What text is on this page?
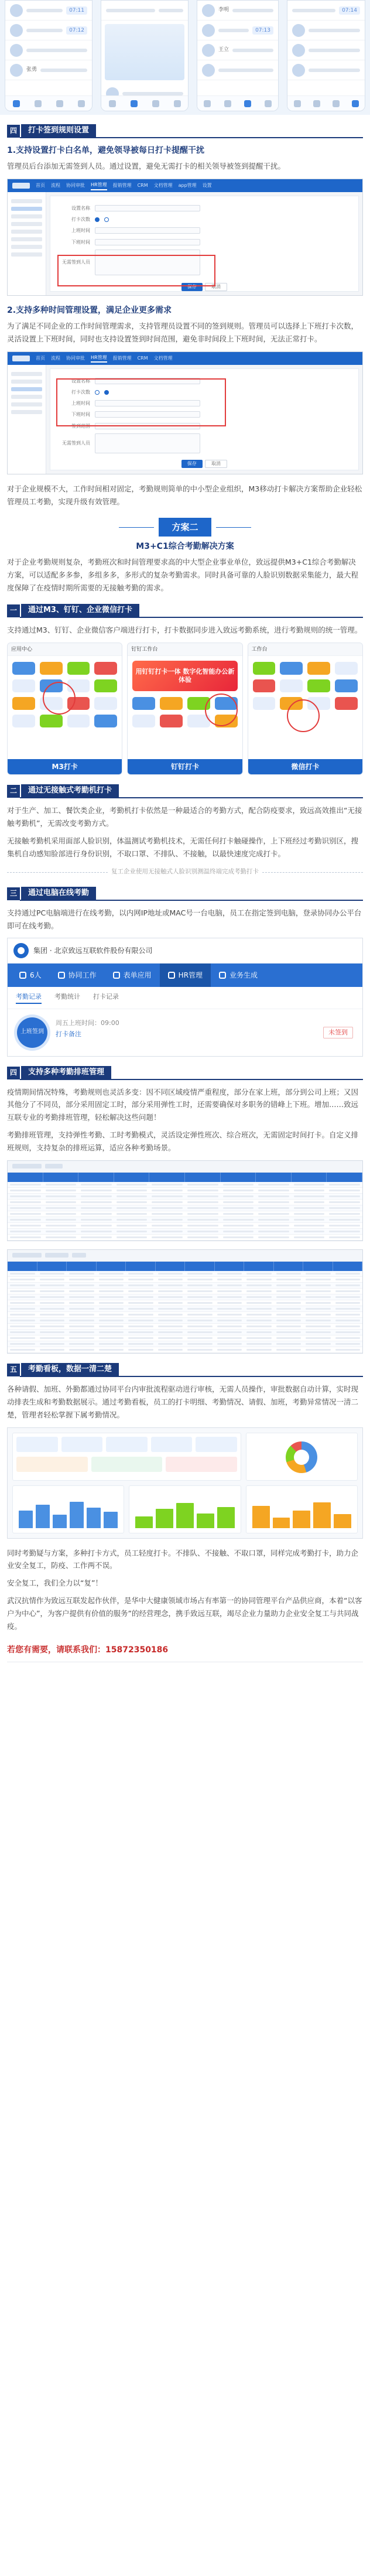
07:11
07:12
张勇
李明
07:13
王立
07:14
四	打卡签到规则设置
1.支持设置打卡白名单，避免领导被每日打卡提醒干扰

管理员后台添加无需签到人员。通过设置，避免无需打卡的相关领导被签到提醒干扰。

首页 流程 协同审批 HR管理 报销管理 CRM 文档管理 app管理 设置
设置名称
打卡次数
上班时间
下班时间
无需签到人员
保存	取消
2.支持多种时间管理设置，满足企业更多需求

为了满足不同企业的工作时间管理需求，支持管理员设置不同的签到规则。管理员可以选择上下班打卡次数，灵活设置上下班时间，同时也支持设置签到时间范围，避免非时间段上下班时间，无法正常打卡。

首页 流程 协同审批 HR管理 报销管理 CRM 文档管理
设置名称
打卡次数
上班时间
下班时间
签到范围
无需签到人员
保存	取消

对于企业规模不大，工作时间相对固定，考勤规则简单的中小型企业组织，M3移动打卡解决方案帮助企业轻松管理员工考勤，实现升级有效管理。

方案二
M3+C1综合考勤解决方案

对于企业考勤规则复杂，考勤班次和时间管理要求高的中大型企业事业单位，致远提供M3+C1综合考勤解决方案，可以适配多多参，多组多多，多形式的复杂考勤需求。同时具备可靠的人脸识别数据采集能力，最大程度保障了在疫情时期所需要的无接触考勤的需求。

一	通过M3、钉钉、企业微信打卡

支持通过M3、钉钉、企业微信客户端进行打卡，打卡数据同步进入致远考勤系统，进行考勤规则的统一管理。

应用中心
M3打卡
钉钉工作台
用钉钉打卡一体 数字化智能办公新体验
钉钉打卡
工作台
微信打卡
二	通过无接触式考勤机打卡

对于生产、加工、餐饮类企业，考勤机打卡依然是一种最适合的考勤方式，配合防疫要求，致远高效推出“无接触考勤机”，无需改变考勤方式。

无接触考勤机采用面部人脸识别，体温测试考勤机技术，无需任何打卡触碰操作，上下班经过考勤识别区，搜集机自动感知脸部进行身份识别，不取口罩、不排队、不接触，以最快速度完成打卡。

复工企业使用无接触式人脸识别测温终端完成考勤打卡
三	通过电脑在线考勤

支持通过PC电脑端进行在线考勤，以内网IP地址或MAC号一台电脑，员工在指定签到电脑，登录协同办公平台即可在线考勤。

集团 · 北京致远互联软件股份有限公司
6人	协同工作	表单应用	HR管理	业务生成
考勤记录 考勤统计 打卡记录
上班签到
周五上班时间：09:00
打卡备注	未签到
四	支持多种考勤排班管理

疫情期间情况特殊，考勤规则也灵活多变：因不同区域疫情严重程度，部分在家上班，部分到公司上班；又因其他分了不同员，部分采用固定工时，部分采用弹性工时，还需要确保对多职务的错峰上下班。增加……致远互联专业的考勤排班管理，轻松解决这些问题！

考勤排班管理，支持弹性考勤、工时考勤模式，灵活设定弹性班次、综合班次，无需固定时间打卡。自定义排班规则，支持复杂的排班运算，适应各种考勤场景。

五	考勤看板，数据一清二楚

各种请假、加班、外勤都通过协同平台内审批流程驱动进行审核，无需人员操作，审批数据自动计算，实时现动排表生成和考勤数据展示。通过考勤看板，员工的打卡明细、考勤情况、请假、加班，考勤异常情况一清二楚，管理者轻松掌握下属考勤情况。

同时考勤疑与方案，多种打卡方式，员工轻度打卡。不排队、不接触、不取口罩，同样完成考勤打卡，助力企业安全复工，防疫、工作两不误。

安全复工，我们全力以“复”！

武汉抗情作为致远互联发起作伙伴，是华中大健康领域市场占有率第一的协同管理平台产品供应商，本着“以客户为中心”，为客户提供有价值的服务”的经营理念，携手致远互联，竭尽企业力量助力企业安全复工与共同战疫。

若您有需要，请联系我们：15872350186
